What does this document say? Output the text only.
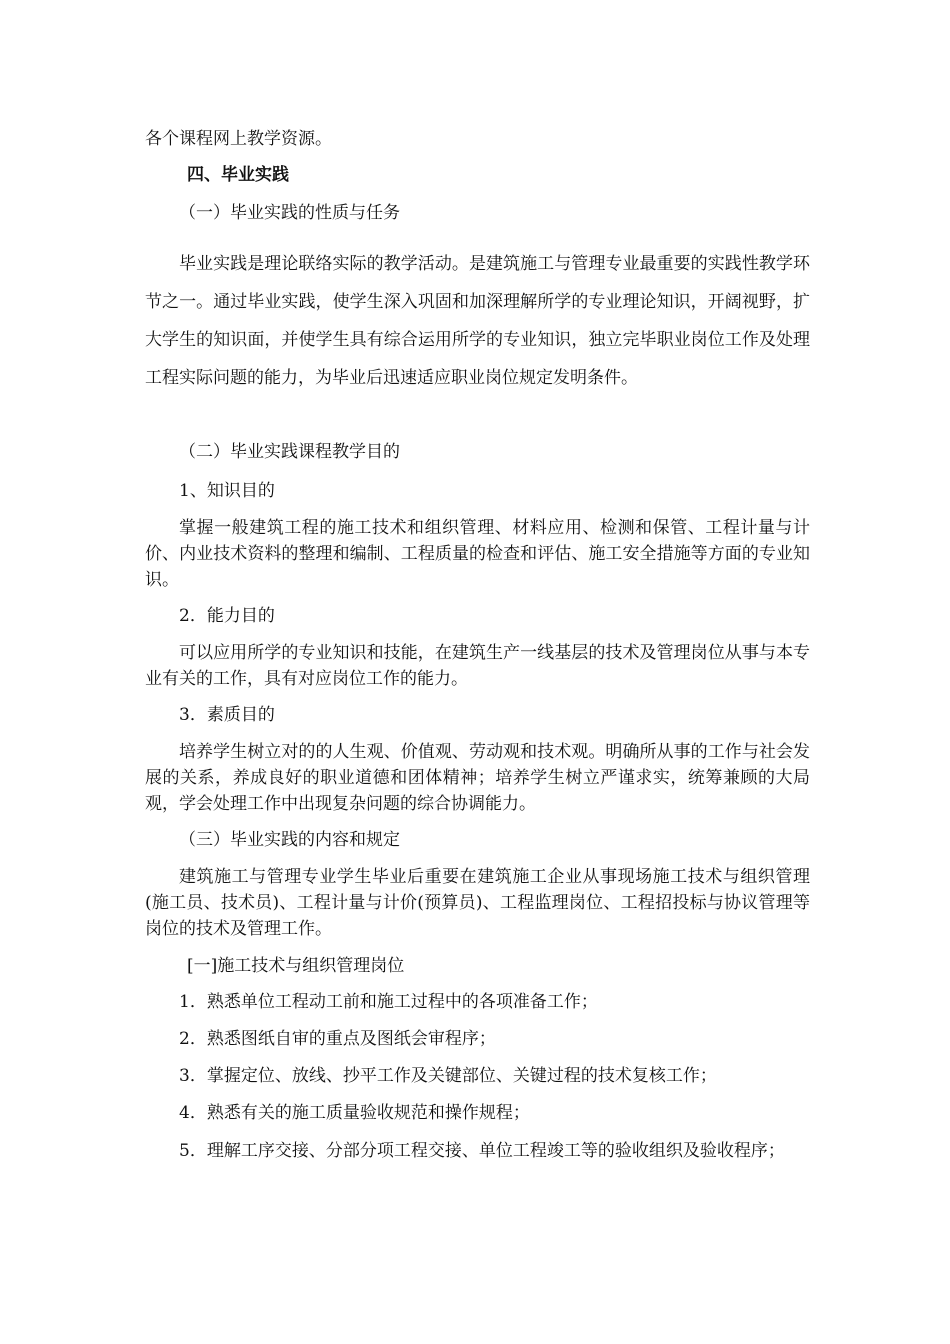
各个课程网上教学资源。

四、毕业实践

（一）毕业实践的性质与任务

毕业实践是理论联络实际的教学活动。是建筑施工与管理专业最重要的实践性教学环节之一。通过毕业实践，使学生深入巩固和加深理解所学的专业理论知识，开阔视野，扩大学生的知识面，并使学生具有综合运用所学的专业知识，独立完毕职业岗位工作及处理工程实际问题的能力，为毕业后迅速适应职业岗位规定发明条件。

（二）毕业实践课程教学目的

1、知识目的

掌握一般建筑工程的施工技术和组织管理、材料应用、检测和保管、工程计量与计价、内业技术资料的整理和编制、工程质量的检查和评估、施工安全措施等方面的专业知识。

2．能力目的

可以应用所学的专业知识和技能，在建筑生产一线基层的技术及管理岗位从事与本专业有关的工作，具有对应岗位工作的能力。

3．素质目的

培养学生树立对的的人生观、价值观、劳动观和技术观。明确所从事的工作与社会发展的关系，养成良好的职业道德和团体精神；培养学生树立严谨求实，统筹兼顾的大局观，学会处理工作中出现复杂问题的综合协调能力。

（三）毕业实践的内容和规定

建筑施工与管理专业学生毕业后重要在建筑施工企业从事现场施工技术与组织管理(施工员、技术员)、工程计量与计价(预算员)、工程监理岗位、工程招投标与协议管理等岗位的技术及管理工作。

[一]施工技术与组织管理岗位

1．熟悉单位工程动工前和施工过程中的各项准备工作；

2．熟悉图纸自审的重点及图纸会审程序；

3．掌握定位、放线、抄平工作及关键部位、关键过程的技术复核工作；

4．熟悉有关的施工质量验收规范和操作规程；

5．理解工序交接、分部分项工程交接、单位工程竣工等的验收组织及验收程序；
